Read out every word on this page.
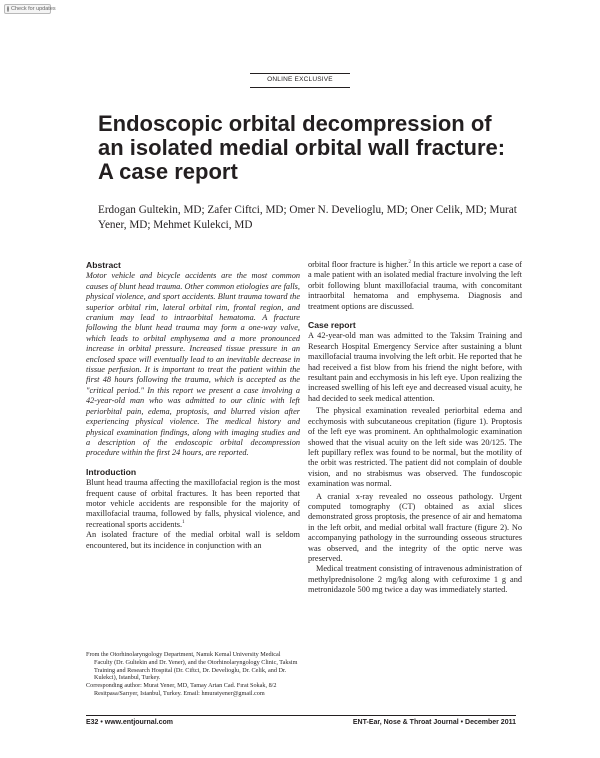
Check for updates
ONLINE EXCLUSIVE
Endoscopic orbital decompression of an isolated medial orbital wall fracture: A case report
Erdogan Gultekin, MD; Zafer Ciftci, MD; Omer N. Develioglu, MD; Oner Celik, MD; Murat Yener, MD; Mehmet Kulekci, MD
Abstract

Motor vehicle and bicycle accidents are the most common causes of blunt head trauma. Other common etiologies are falls, physical violence, and sport accidents. Blunt trauma toward the superior orbital rim, lateral orbital rim, frontal region, and cranium may lead to intraorbital hematoma. A fracture following the blunt head trauma may form a one-way valve, which leads to orbital emphysema and a more pronounced increase in orbital pressure. Increased tissue pressure in an enclosed space will eventually lead to an inevitable decrease in tissue perfusion. It is important to treat the patient within the first 48 hours following the trauma, which is accepted as the "critical period." In this report we present a case involving a 42-year-old man who was admitted to our clinic with left periorbital pain, edema, proptosis, and blurred vision after experiencing physical violence. The medical history and physical examination findings, along with imaging studies and a description of the endoscopic orbital decompression procedure within the first 24 hours, are reported.

Introduction

Blunt head trauma affecting the maxillofacial region is the most frequent cause of orbital fractures. It has been reported that motor vehicle accidents are responsible for the majority of maxillofacial trauma, followed by falls, physical violence, and recreational sports accidents.$^1$

An isolated fracture of the medial orbital wall is seldom encountered, but its incidence in conjunction with an

orbital floor fracture is higher.$^2$ In this article we report a case of a male patient with an isolated medial fracture involving the left orbit following blunt maxillofacial trauma, with concomitant intraorbital hematoma and emphysema. Diagnosis and treatment options are discussed.

Case report

A 42-year-old man was admitted to the Taksim Training and Research Hospital Emergency Service after sustaining a blunt maxillofacial trauma involving the left orbit. He reported that he had received a fist blow from his friend the night before, with resultant pain and ecchymosis in his left eye. Upon realizing the increased swelling of his left eye and decreased visual acuity, he had decided to seek medical attention.

The physical examination revealed periorbital edema and ecchymosis with subcutaneous crepitation (figure 1). Proptosis of the left eye was prominent. An ophthalmologic examination showed that the visual acuity on the left side was 20/125. The left pupillary reflex was found to be normal, but the motility of the orbit was restricted. The patient did not complain of double vision, and no strabismus was observed. The fundoscopic examination was normal.

A cranial x-ray revealed no osseous pathology. Urgent computed tomography (CT) obtained as axial slices demonstrated gross proptosis, the presence of air and hematoma in the left orbit, and medial orbital wall fracture (figure 2). No accompanying pathology in the surrounding osseous structures was observed, and the integrity of the optic nerve was preserved.

Medical treatment consisting of intravenous administration of methylprednisolone 2 mg/kg along with cefuroxime 1 g and metronidazole 500 mg twice a day was immediately started.

From the Otorhinolaryngology Department, Namık Kemal University Medical Faculty (Dr. Gultekin and Dr. Yener), and the Otorhinolaryngology Clinic, Taksim Training and Research Hospital (Dr. Ciftci, Dr. Develioglu, Dr. Celik, and Dr. Kulekci), Istanbul, Turkey.

Corresponding author: Murat Yener, MD, Tamay Artan Cad. Fırat Sokak, 8/2 Resitpasa/Sarıyer, Istanbul, Turkey. Email: hmuratyener@gmail.com

E32 • www.entjournal.com	ENT-Ear, Nose & Throat Journal • December 2011
